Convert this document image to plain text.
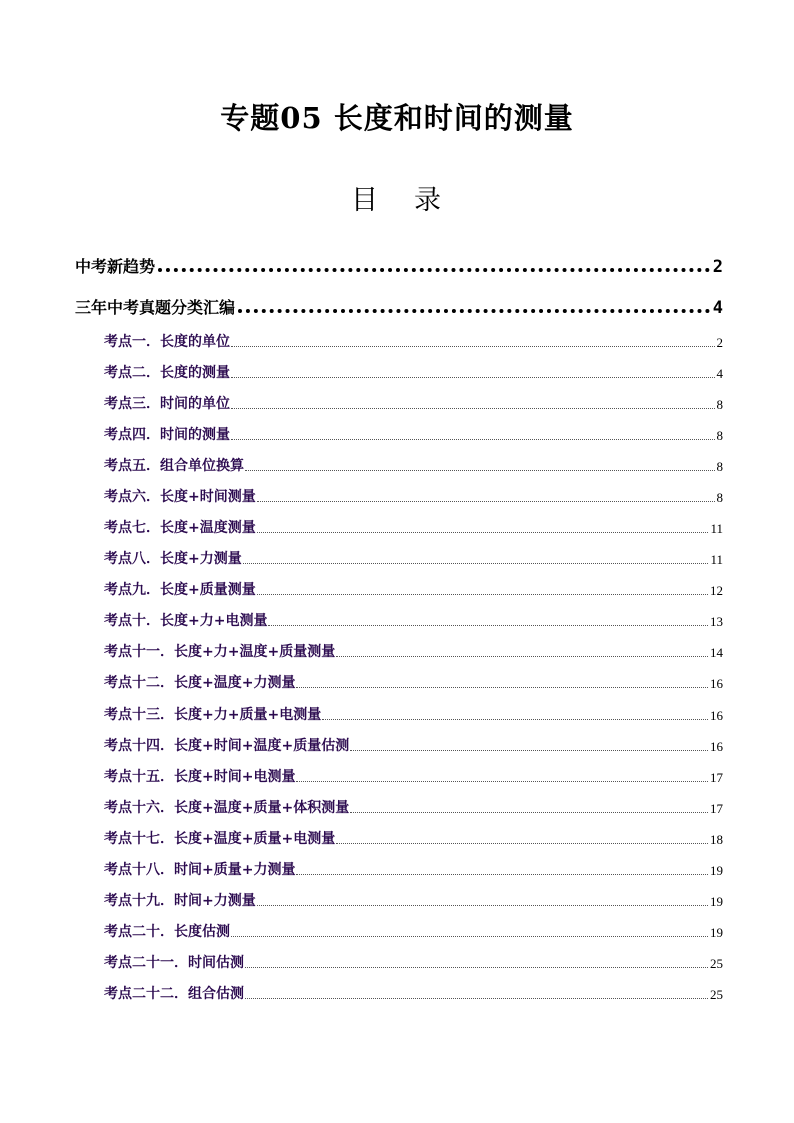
专题05 长度和时间的测量
目 录
中考新趋势	2
三年中考真题分类汇编	4
考点一．长度的单位	2
考点二．长度的测量	4
考点三．时间的单位	8
考点四．时间的测量	8
考点五．组合单位换算	8
考点六．长度+时间测量	8
考点七．长度+温度测量	11
考点八．长度+力测量	11
考点九．长度+质量测量	12
考点十．长度+力+电测量	13
考点十一．长度+力+温度+质量测量	14
考点十二．长度+温度+力测量	16
考点十三．长度+力+质量+电测量	16
考点十四．长度+时间+温度+质量估测	16
考点十五．长度+时间+电测量	17
考点十六．长度+温度+质量+体积测量	17
考点十七．长度+温度+质量+电测量	18
考点十八．时间+质量+力测量	19
考点十九．时间+力测量	19
考点二十．长度估测	19
考点二十一．时间估测	25
考点二十二．组合估测	25
